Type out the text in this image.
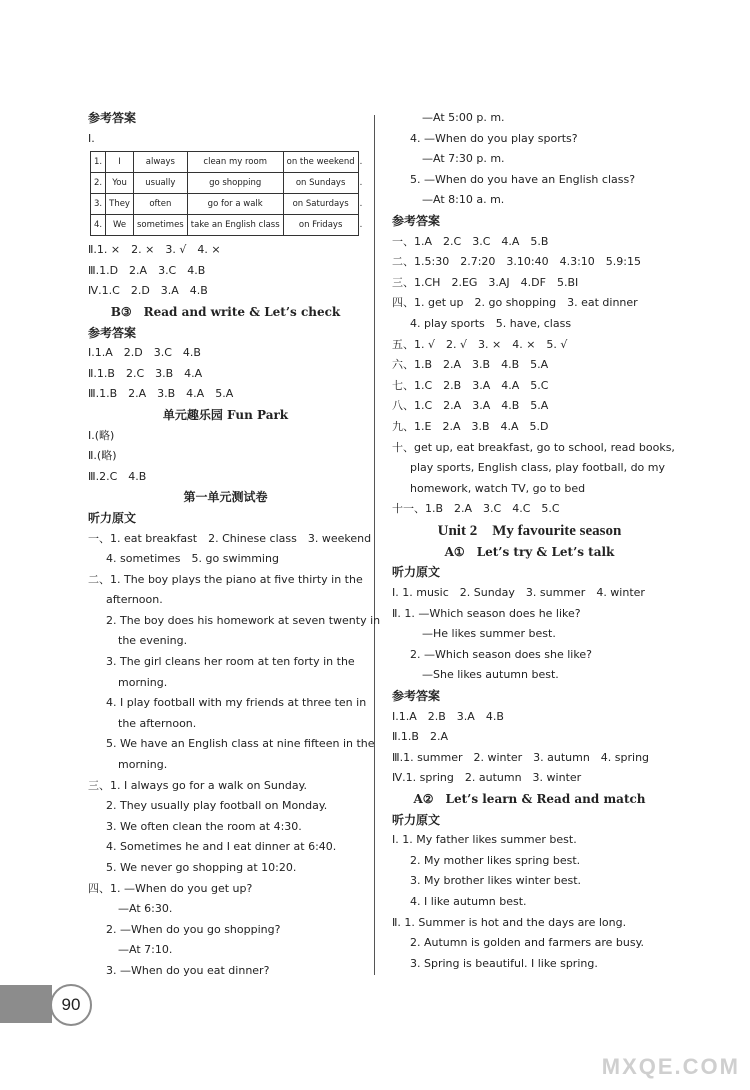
参考答案
Ⅰ.
1.	I	always	clean my room	on the weekend	.
2.	You	usually	go shopping	on Sundays	.
3.	They	often	go for a walk	on Saturdays	.
4.	We	sometimes	take an English class	on Fridays	.
Ⅱ.1. ×　2. ×　3. √　4. ×
Ⅲ.1.D　2.A　3.C　4.B
Ⅳ.1.C　2.D　3.A　4.B
B③　Read and write & Let’s check
参考答案
Ⅰ.1.A　2.D　3.C　4.B
Ⅱ.1.B　2.C　3.B　4.A
Ⅲ.1.B　2.A　3.B　4.A　5.A
单元趣乐园 Fun Park
Ⅰ.(略)
Ⅱ.(略)
Ⅲ.2.C　4.B
第一单元测试卷
听力原文
一、1. eat breakfast　2. Chinese class　3. weekend
4. sometimes　5. go swimming
二、1. The boy plays the piano at five thirty in the
afternoon.
2. The boy does his homework at seven twenty in
the evening.
3. The girl cleans her room at ten forty in the
morning.
4. I play football with my friends at three ten in
the afternoon.
5. We have an English class at nine fifteen in the
morning.
三、1. I always go for a walk on Sunday.
2. They usually play football on Monday.
3. We often clean the room at 4:30.
4. Sometimes he and I eat dinner at 6:40.
5. We never go shopping at 10:20.
四、1. —When do you get up?
—At 6:30.
2. —When do you go shopping?
—At 7:10.
3. —When do you eat dinner?
—At 5:00 p. m.
4. —When do you play sports?
—At 7:30 p. m.
5. —When do you have an English class?
—At 8:10 a. m.
参考答案
一、1.A　2.C　3.C　4.A　5.B
二、1.5:30　2.7:20　3.10:40　4.3:10　5.9:15
三、1.CH　2.EG　3.AJ　4.DF　5.BI
四、1. get up　2. go shopping　3. eat dinner
4. play sports　5. have, class
五、1. √　2. √　3. ×　4. ×　5. √
六、1.B　2.A　3.B　4.B　5.A
七、1.C　2.B　3.A　4.A　5.C
八、1.C　2.A　3.A　4.B　5.A
九、1.E　2.A　3.B　4.A　5.D
十、get up, eat breakfast, go to school, read books,
play sports, English class, play football, do my
homework, watch TV, go to bed
十一、1.B　2.A　3.C　4.C　5.C
Unit 2　My favourite season
A①　Let’s try & Let’s talk
听力原文
Ⅰ. 1. music　2. Sunday　3. summer　4. winter
Ⅱ. 1. —Which season does he like?
—He likes summer best.
2. —Which season does she like?
—She likes autumn best.
参考答案
Ⅰ.1.A　2.B　3.A　4.B
Ⅱ.1.B　2.A
Ⅲ.1. summer　2. winter　3. autumn　4. spring
Ⅳ.1. spring　2. autumn　3. winter
A②　Let’s learn & Read and match
听力原文
Ⅰ. 1. My father likes summer best.
2. My mother likes spring best.
3. My brother likes winter best.
4. I like autumn best.
Ⅱ. 1. Summer is hot and the days are long.
2. Autumn is golden and farmers are busy.
3. Spring is beautiful. I like spring.
90
MXQE.COM
